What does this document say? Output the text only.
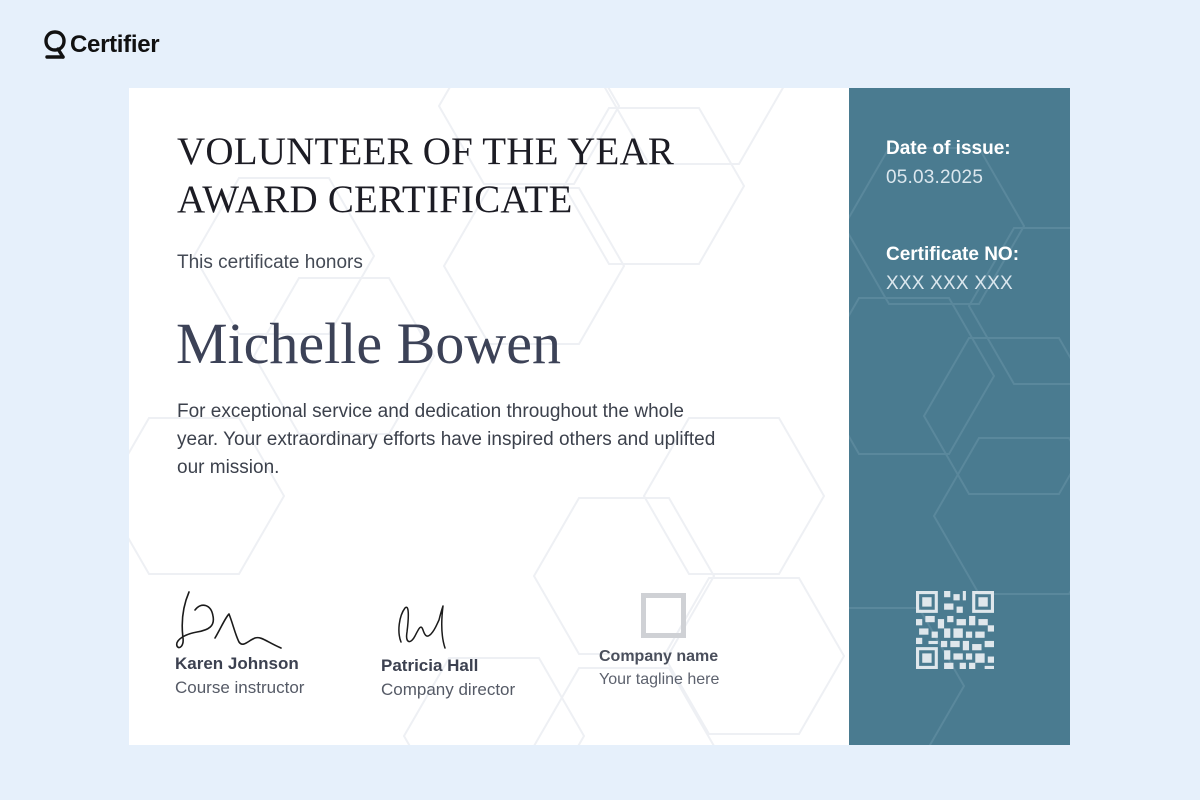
Certifier
VOLUNTEER OF THE YEAR
AWARD CERTIFICATE
This certificate honors
Michelle Bowen
For exceptional service and dedication throughout the whole year. Your extraordinary efforts have inspired others and uplifted our mission.
Karen Johnson
Course instructor
Patricia Hall
Company director
Company name
Your tagline here
Date of issue:
05.03.2025
Certificate NO:
XXX XXX XXX
